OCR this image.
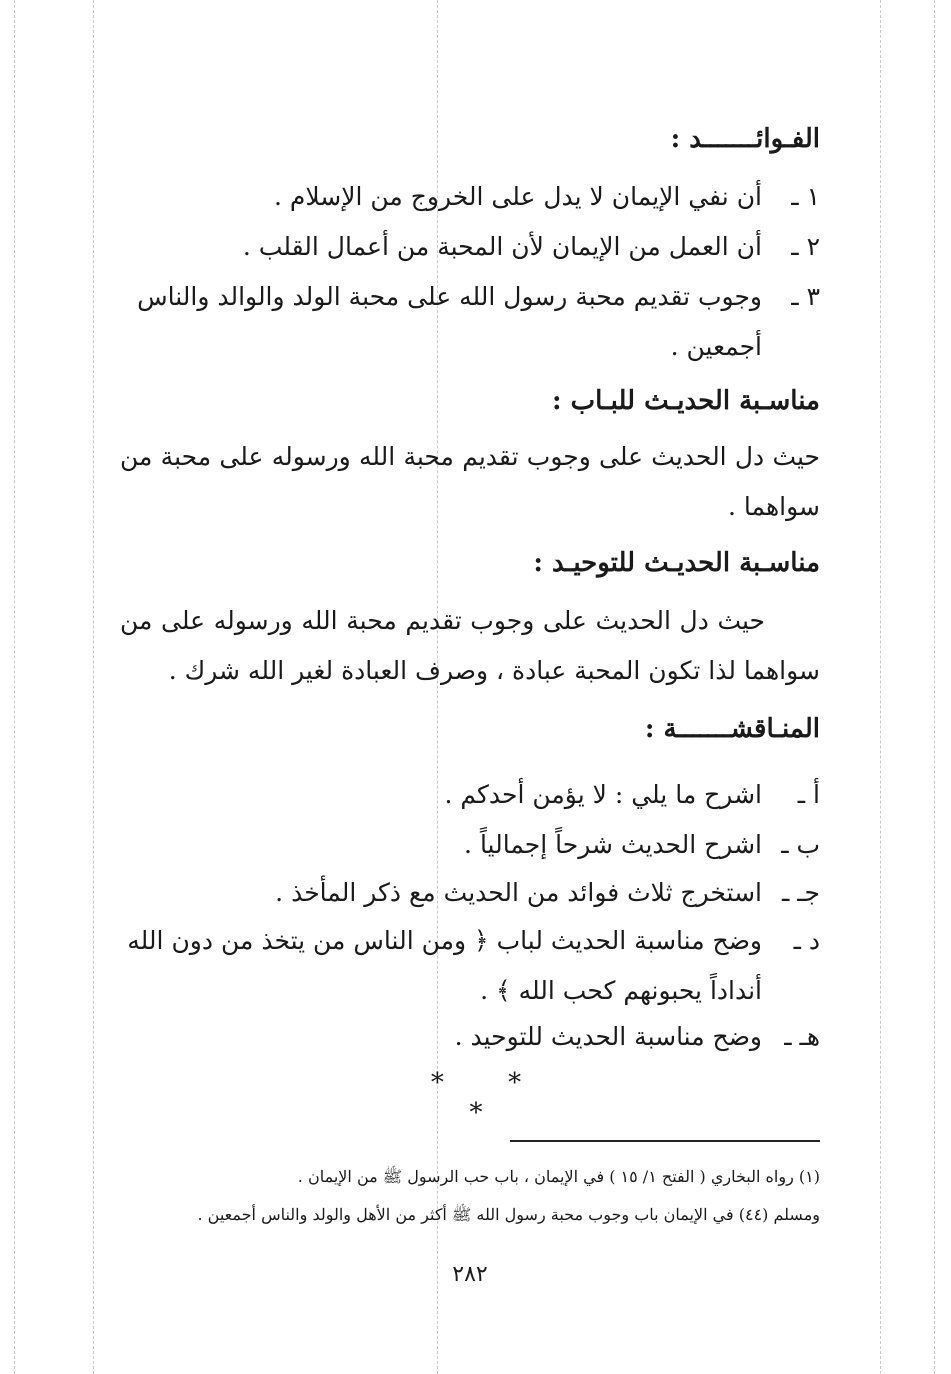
الفـوائـــــــد :
١ ـ
أن نفي الإيمان لا يدل على الخروج من الإسلام .
٢ ـ
أن العمل من الإيمان لأن المحبة من أعمال القلب .
٣ ـ
وجوب تقديم محبة رسول الله على محبة الولد والوالد والناس أجمعين .
مناسـبة الحديـث للبـاب :
حيث دل الحديث على وجوب تقديم محبة الله ورسوله على محبة من سواهما .
مناسـبة الحديـث للتوحيـد :
حيث دل الحديث على وجوب تقديم محبة الله ورسوله على من سواهما لذا تكون المحبة عبادة ، وصرف العبادة لغير الله شرك .
المنـاقشـــــــة :
أ ـ
اشرح ما يلي : لا يؤمن أحدكم .
ب ـ
اشرح الحديث شرحاً إجمالياً .
جـ ـ
استخرج ثلاث فوائد من الحديث مع ذكر المأخذ .
د ـ
وضح مناسبة الحديث لباب ﴿ ومن الناس من يتخذ من دون الله أنداداً يحبونهم كحب الله ﴾ .
هـ ـ
وضح مناسبة الحديث للتوحيد .
* * *
(١) رواه البخاري ( الفتح ١/ ١٥ ) في الإيمان ، باب حب الرسول ﷺ من الإيمان .
ومسلم (٤٤) في الإيمان باب وجوب محبة رسول الله ﷺ أكثر من الأهل والولد والناس أجمعين .
٢٨٢
